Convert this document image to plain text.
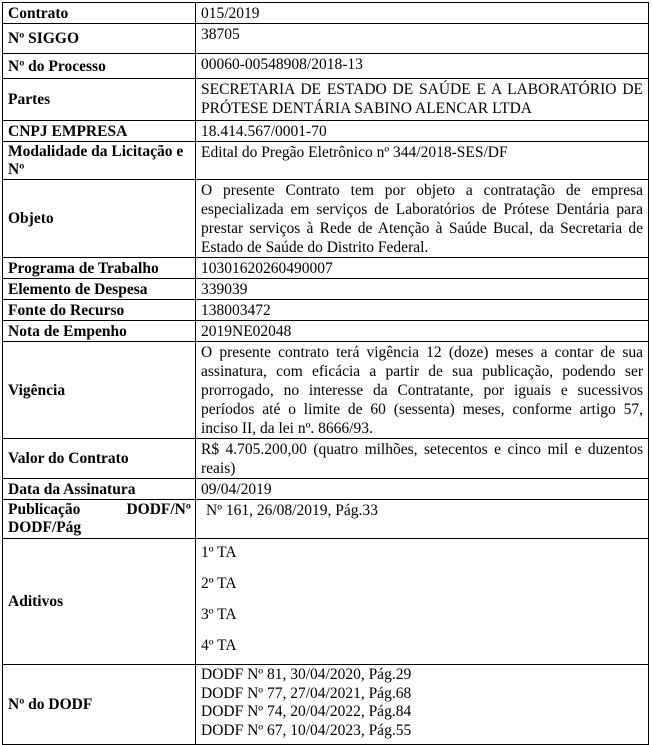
Contrato	015/2019
Nº SIGGO	38705
Nº do Processo	00060-00548908/2018-13
Partes	SECRETARIA DE ESTADO DE SAÚDE E A LABORATÓRIO DE PRÓTESE DENTÁRIA SABINO ALENCAR LTDA
CNPJ EMPRESA	18.414.567/0001-70
Modalidade da Licitação e Nº	Edital do Pregão Eletrônico nº 344/2018-SES/DF
Objeto	O presente Contrato tem por objeto a contratação de empresa especializada em serviços de Laboratórios de Prótese Dentária para prestar serviços à Rede de Atenção à Saúde Bucal, da Secretaria de Estado de Saúde do Distrito Federal.
Programa de Trabalho	10301620260490007
Elemento de Despesa	339039
Fonte do Recurso	138003472
Nota de Empenho	2019NE02048
Vigência	O presente contrato terá vigência 12 (doze) meses a contar de sua assinatura, com eficácia a partir de sua publicação, podendo ser prorrogado, no interesse da Contratante, por iguais e sucessivos períodos até o limite de 60 (sessenta) meses, conforme artigo 57, inciso II, da lei nº. 8666/93.
Valor do Contrato	R$ 4.705.200,00 (quatro milhões, setecentos e cinco mil e duzentos reais)
Data da Assinatura	09/04/2019

Publicação DODF/Nº
DODF/Pág	Nº 161, 26/08/2019, Pág.33
Aditivos	1º TA
2º TA
3º TA
4º TA

Nº do DODF	DODF Nº 81, 30/04/2020, Pág.29
DODF Nº 77, 27/04/2021, Pág.68
DODF Nº 74, 20/04/2022, Pág.84
DODF Nº 67, 10/04/2023, Pág.55
